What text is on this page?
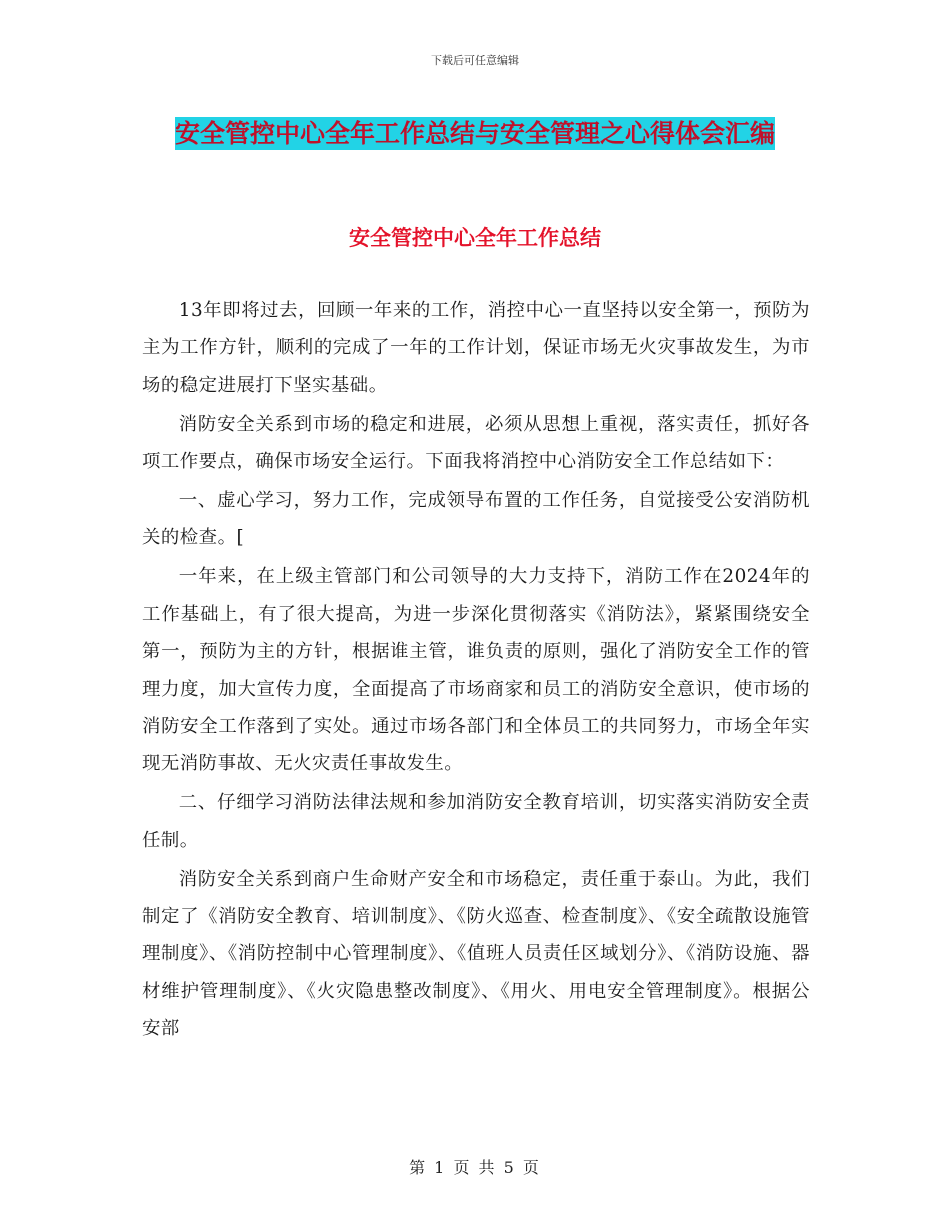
下载后可任意编辑
安全管控中心全年工作总结与安全管理之心得体会汇编
安全管控中心全年工作总结

13年即将过去，回顾一年来的工作，消控中心一直坚持以安全第一，预防为主为工作方针，顺利的完成了一年的工作计划，保证市场无火灾事故发生，为市场的稳定进展打下坚实基础。

消防安全关系到市场的稳定和进展，必须从思想上重视，落实责任，抓好各项工作要点，确保市场安全运行。下面我将消控中心消防安全工作总结如下：

一、虚心学习，努力工作，完成领导布置的工作任务，自觉接受公安消防机关的检查。[

一年来，在上级主管部门和公司领导的大力支持下，消防工作在2024年的工作基础上，有了很大提高，为进一步深化贯彻落实《消防法》，紧紧围绕安全第一，预防为主的方针，根据谁主管，谁负责的原则，强化了消防安全工作的管理力度，加大宣传力度，全面提高了市场商家和员工的消防安全意识，使市场的消防安全工作落到了实处。通过市场各部门和全体员工的共同努力，市场全年实现无消防事故、无火灾责任事故发生。

二、仔细学习消防法律法规和参加消防安全教育培训，切实落实消防安全责任制。

消防安全关系到商户生命财产安全和市场稳定，责任重于泰山。为此，我们制定了《消防安全教育、培训制度》、《防火巡查、检查制度》、《安全疏散设施管理制度》、《消防控制中心管理制度》、《值班人员责任区域划分》、《消防设施、器材维护管理制度》、《火灾隐患整改制度》、《用火、用电安全管理制度》。根据公安部

第 1 页 共 5 页
